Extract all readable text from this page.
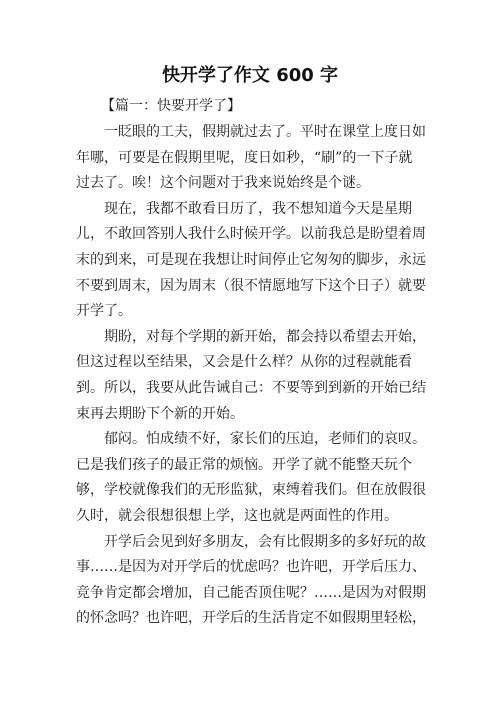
快开学了作文 600 字
【篇一：快要开学了】
一眨眼的工夫，假期就过去了。平时在课堂上度日如
年哪，可要是在假期里呢，度日如秒，“刷”的一下子就
过去了。唉！这个问题对于我来说始终是个谜。
现在，我都不敢看日历了，我不想知道今天是星期
儿，不敢回答别人我什么时候开学。以前我总是盼望着周
末的到来，可是现在我想让时间停止它匆匆的脚步，永远
不要到周末，因为周末（很不情愿地写下这个日子）就要
开学了。
期盼，对每个学期的新开始，都会持以希望去开始，
但这过程以至结果，又会是什么样？从你的过程就能看
到。所以，我要从此告诫自己：不要等到到新的开始已结
束再去期盼下个新的开始。
郁闷。怕成绩不好，家长们的压迫，老师们的哀叹。
已是我们孩子的最正常的烦恼。开学了就不能整天玩个
够，学校就像我们的无形监狱，束缚着我们。但在放假很
久时，就会很想很想上学，这也就是两面性的作用。
开学后会见到好多朋友，会有比假期多的多好玩的故
事……是因为对开学后的忧虑吗？也许吧，开学后压力、
竞争肯定都会增加，自己能否顶住呢？……是因为对假期
的怀念吗？也许吧，开学后的生活肯定不如假期里轻松，
